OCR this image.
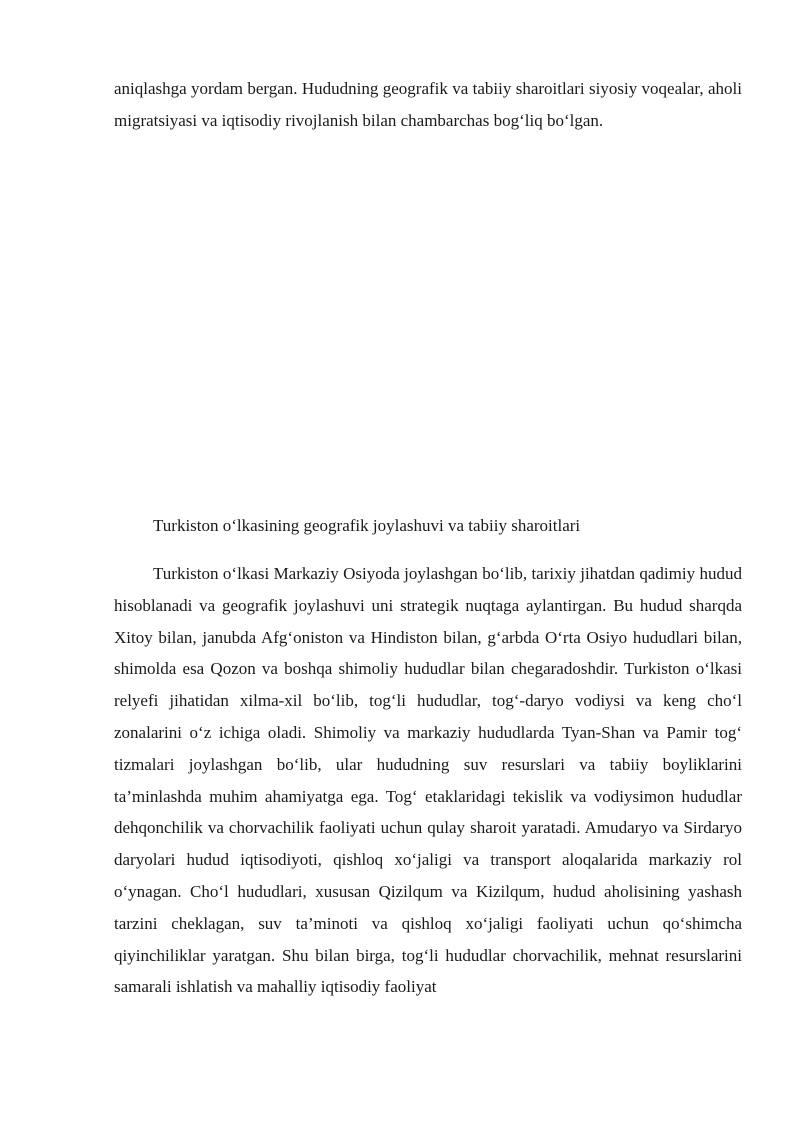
aniqlashga yordam bergan. Hududning geografik va tabiiy sharoitlari siyosiy voqealar, aholi migratsiyasi va iqtisodiy rivojlanish bilan chambarchas bog‘liq bo‘lgan.

Turkiston o‘lkasining geografik joylashuvi va tabiiy sharoitlari

Turkiston o‘lkasi Markaziy Osiyoda joylashgan bo‘lib, tarixiy jihatdan qadimiy hudud hisoblanadi va geografik joylashuvi uni strategik nuqtaga aylantirgan. Bu hudud sharqda Xitoy bilan, janubda Afg‘oniston va Hindiston bilan, g‘arbda O‘rta Osiyo hududlari bilan, shimolda esa Qozon va boshqa shimoliy hududlar bilan chegaradoshdir. Turkiston o‘lkasi relyefi jihatidan xilma-xil bo‘lib, tog‘li hududlar, tog‘-daryo vodiysi va keng cho‘l zonalarini o‘z ichiga oladi. Shimoliy va markaziy hududlarda Tyan-Shan va Pamir tog‘ tizmalari joylashgan bo‘lib, ular hududning suv resurslari va tabiiy boyliklarini ta’minlashda muhim ahamiyatga ega. Tog‘ etaklaridagi tekislik va vodiysimon hududlar dehqonchilik va chorvachilik faoliyati uchun qulay sharoit yaratadi. Amudaryo va Sirdaryo daryolari hudud iqtisodiyoti, qishloq xo‘jaligi va transport aloqalarida markaziy rol o‘ynagan. Cho‘l hududlari, xususan Qizilqum va Kizilqum, hudud aholisining yashash tarzini cheklagan, suv ta’minoti va qishloq xo‘jaligi faoliyati uchun qo‘shimcha qiyinchiliklar yaratgan. Shu bilan birga, tog‘li hududlar chorvachilik, mehnat resurslarini samarali ishlatish va mahalliy iqtisodiy faoliyat
